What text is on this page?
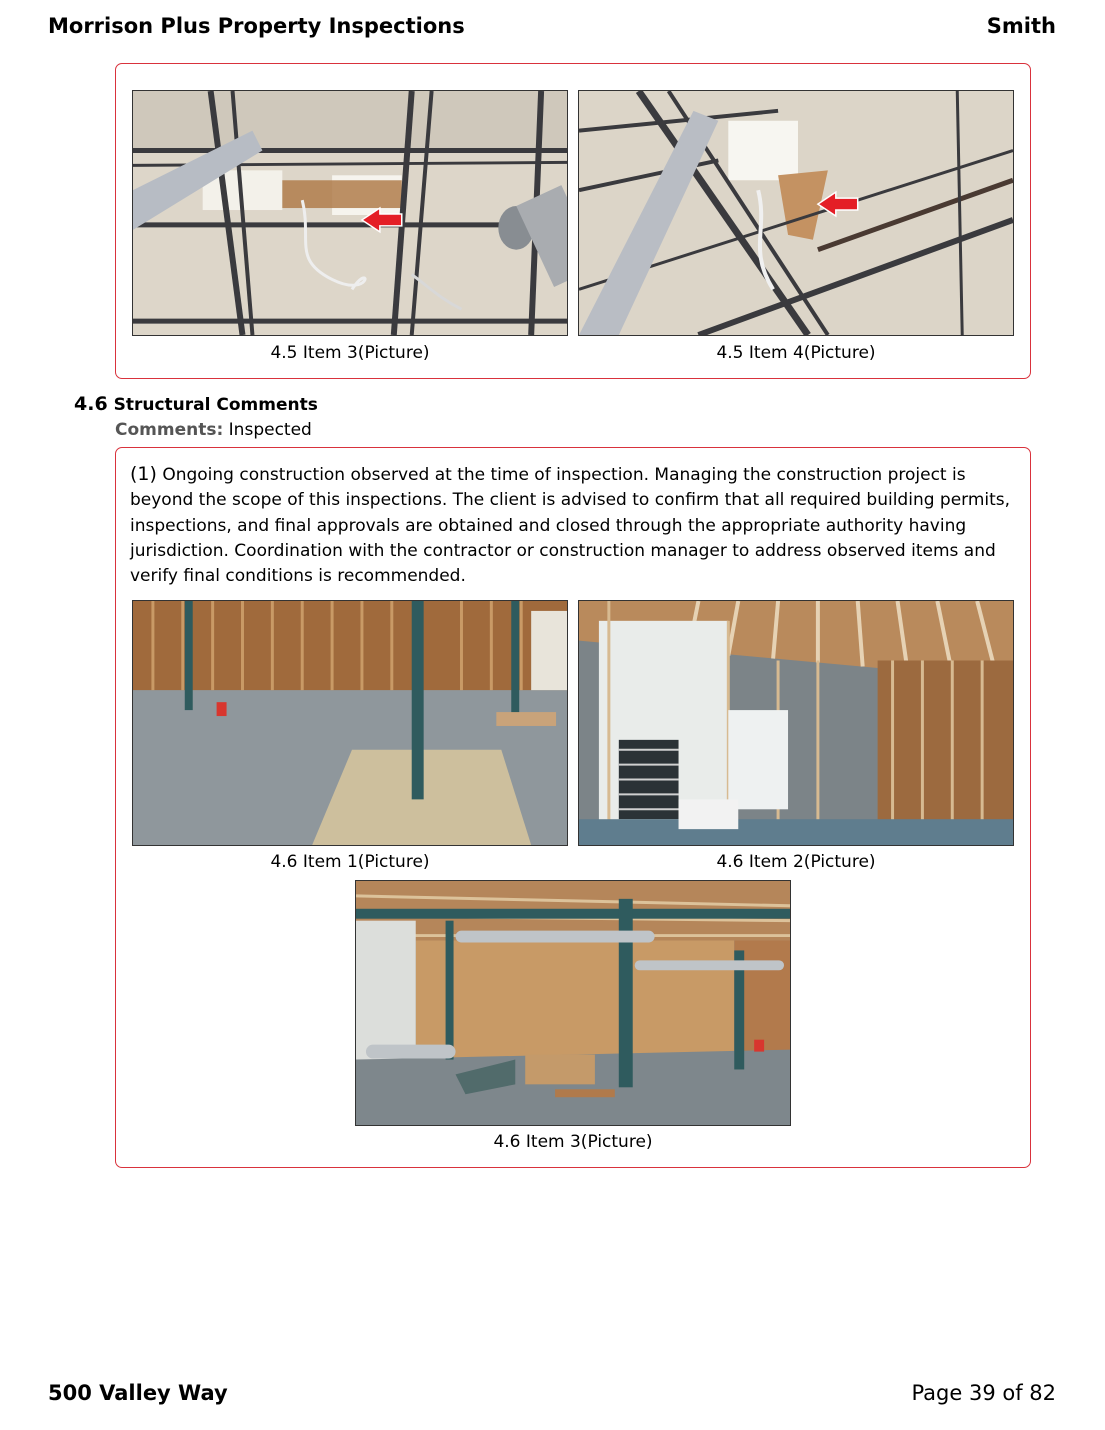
Morrison Plus Property Inspections	Smith
4.5 Item 3(Picture)	4.5 Item 4(Picture)
4.6 Structural Comments
Comments: Inspected
(1) Ongoing construction observed at the time of inspection. Managing the construction project is beyond the scope of this inspections. The client is advised to confirm that all required building permits, inspections, and final approvals are obtained and closed through the appropriate authority having jurisdiction. Coordination with the contractor or construction manager to address observed items and verify final conditions is recommended.
4.6 Item 1(Picture)	4.6 Item 2(Picture)
4.6 Item 3(Picture)
500 Valley Way	Page 39 of 82
